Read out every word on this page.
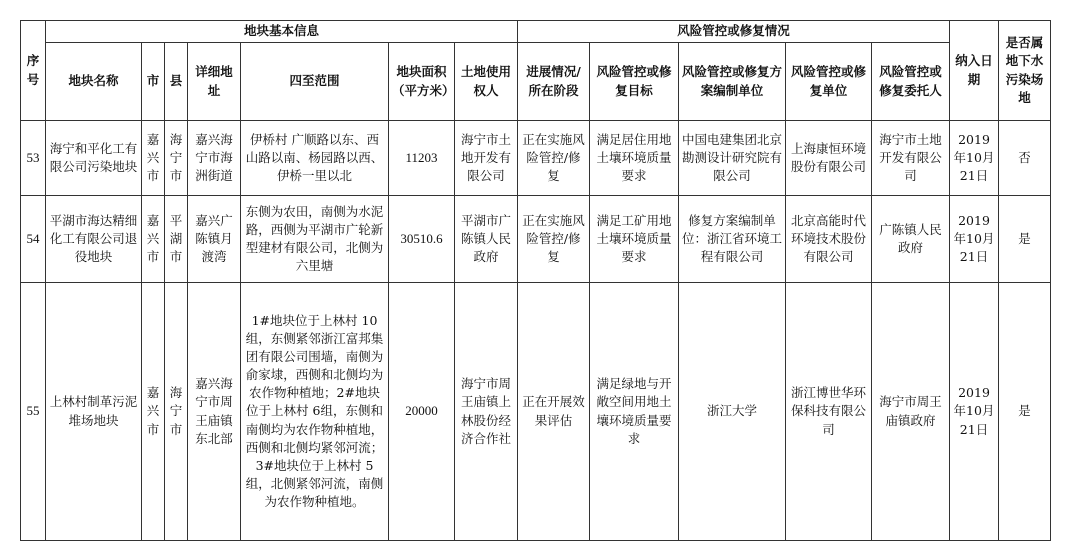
序号	地块基本信息							风险管控或修复情况					纳入日期	是否属地下水污染场地
	地块名称	市	县	详细地址	四至范围	地块面积（平方米）	土地使用权人	进展情况/所在阶段	风险管控或修复目标	风险管控或修复方案编制单位	风险管控或修复单位	风险管控或修复委托人		
53	海宁和平化工有限公司污染地块	嘉兴市	海宁市	嘉兴海宁市海洲街道	伊桥村 广顺路以东、西山路以南、杨园路以西、伊桥一里以北	11203	海宁市土地开发有限公司	正在实施风险管控/修复	满足居住用地土壤环境质量要求	中国电建集团北京勘测设计研究院有限公司	上海康恒环境股份有限公司	海宁市土地开发有限公司	2019年10月21日	否
54	平湖市海达精细化工有限公司退役地块	嘉兴市	平湖市	嘉兴广陈镇月渡湾	东侧为农田，南侧为水泥路，西侧为平湖市广轮新型建材有限公司，北侧为六里塘	30510.6	平湖市广陈镇人民政府	正在实施风险管控/修复	满足工矿用地土壤环境质量要求	修复方案编制单位：浙江省环境工程有限公司	北京高能时代环境技术股份有限公司	广陈镇人民政府	2019年10月21日	是
55	上林村制革污泥堆场地块	嘉兴市	海宁市	嘉兴海宁市周王庙镇东北部	1#地块位于上林村 10组，东侧紧邻浙江富邦集团有限公司围墙，南侧为俞家埭，西侧和北侧均为农作物种植地；2#地块位于上林村 6组，东侧和南侧均为农作物种植地，西侧和北侧均紧邻河流；3#地块位于上林村 5组，北侧紧邻河流，南侧为农作物种植地。	20000	海宁市周王庙镇上林股份经济合作社	正在开展效果评估	满足绿地与开敞空间用地土壤环境质量要求	浙江大学	浙江博世华环保科技有限公司	海宁市周王庙镇政府	2019年10月21日	是
